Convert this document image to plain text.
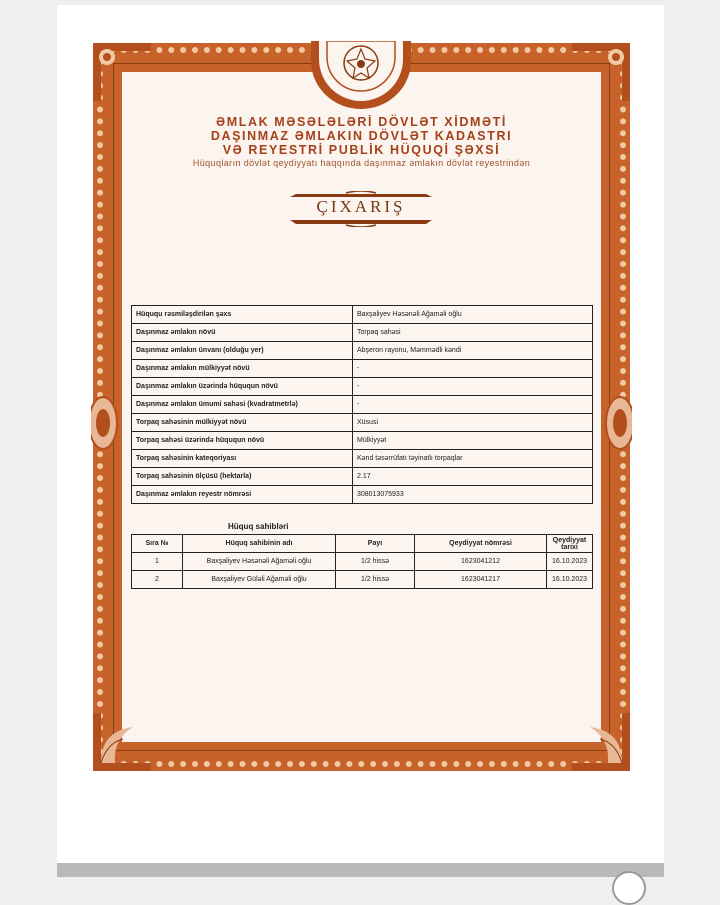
ƏMLAK MƏSƏLƏLƏRİ DÖVLƏT XİDMƏTİ
DAŞINMAZ ƏMLAKIN DÖVLƏT KADASTRI
VƏ REYESTRİ PUBLİK HÜQUQİ ŞƏXSİ
Hüquqların dövlət qeydiyyatı haqqında daşınmaz əmlakın dövlət reyestrindən
ÇIXARIŞ
Hüququ rəsmiləşdirilən şəxs	Baxşaliyev Həsənəli Ağaməli oğlu
Daşınmaz əmlakın növü	Torpaq sahəsi
Daşınmaz əmlakın ünvanı (olduğu yer)	Abşeron rayonu, Məmmədli kəndi
Daşınmaz əmlakın mülkiyyət növü	-
Daşınmaz əmlakın üzərində hüququn növü	-
Daşınmaz əmlakın ümumi sahəsi (kvadratmetrlə)	-
Torpaq sahəsinin mülkiyyət növü	Xüsusi
Torpaq sahəsi üzərində hüququn növü	Mülkiyyət
Torpaq sahəsinin kateqoriyası	Kənd təsərrüfatı təyinatlı torpaqlar
Torpaq sahəsinin ölçüsü (hektarla)	2.17
Daşınmaz əmlakın reyestr nömrəsi	308013075933
Hüquq sahibləri
Sıra №	Hüquq sahibinin adı	Payı	Qeydiyyat nömrəsi	Qeydiyyat tarixi
1	Baxşaliyev Həsənəli Ağaməli oğlu	1/2 hissə	1623041212	16.10.2023
2	Baxşaliyev Güləli Ağaməli oğlu	1/2 hissə	1623041217	16.10.2023
